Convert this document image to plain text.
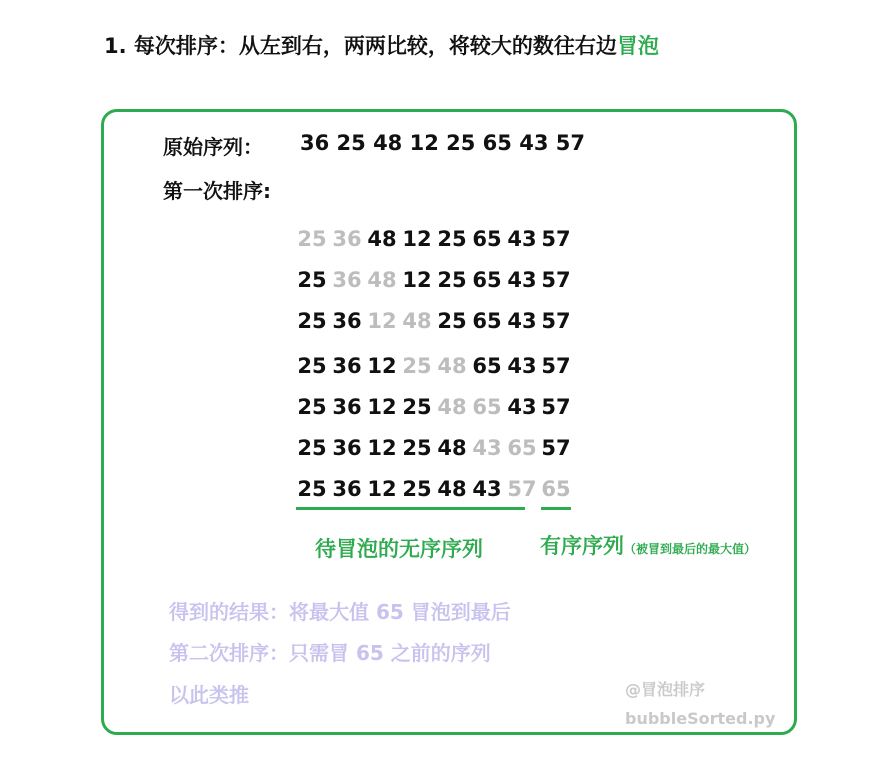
1. 每次排序：从左到右，两两比较，将较大的数往右边冒泡
原始序列： 36 25 48 12 25 65 43 57
第一次排序:
25 36 48 12 25 65 43 57
25 36 48 12 25 65 43 57
25 36 12 48 25 65 43 57
25 36 12 25 48 65 43 57
25 36 12 25 48 65 43 57
25 36 12 25 48 43 65 57
25 36 12 25 48 43 57 65
待冒泡的无序序列	有序序列（被冒到最后的最大值）
得到的结果：将最大值 65 冒泡到最后
第二次排序：只需冒 65 之前的序列
以此类推	@冒泡排序
bubbleSorted.py
